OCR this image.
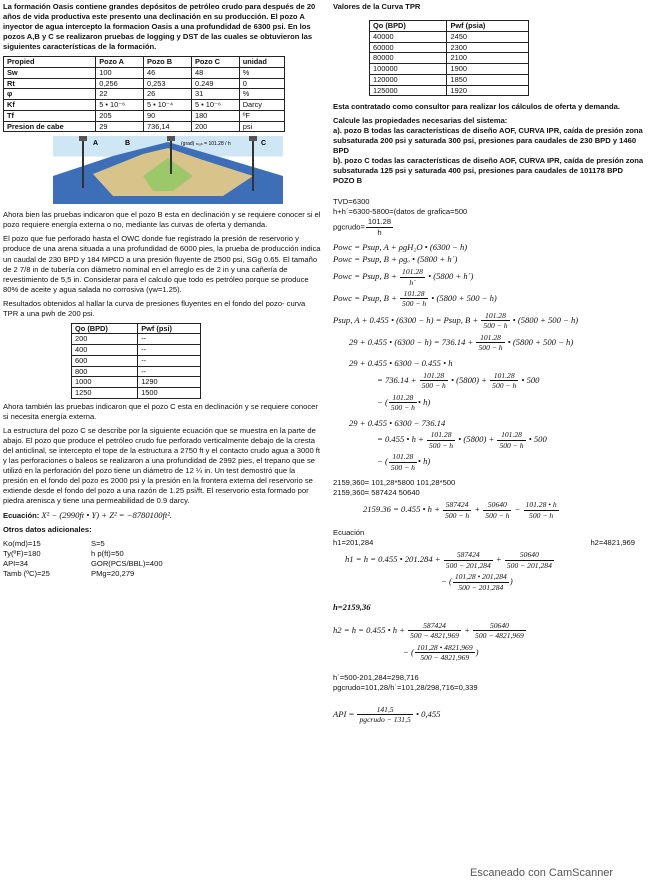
La formación Oasis contiene grandes depósitos de petróleo crudo para después de 20 años de vida productiva este presento una declinación en su producción. El pozo A inyector de agua intercepto la formacion Oasis a una profundidad de 6300 psi. En los pozos A,B y C se realizaron pruebas de logging y DST de las cuales se obtuvieron las siguientes características de la formación.

Propied	Pozo A	Pozo B	Pozo C	unidad
Sw	100	46	48	%
Rt	0,256	0,253	0.249	0
φ	22	26	31	%
Kf	5 • 10⁻⁶	5 • 10⁻⁴	5 • 10⁻⁶	Darcy
Tf	205	90	180	ºF
Presion de cabe	29	736,14	200	psi
A	B	C
(grad) ₘᵤₙ = 101.28 / h

Ahora bien las pruebas indicaron que el pozo B esta en declinación y se requiere conocer si el pozo requiere energía externa o no, mediante las curvas de oferta y demanda.

El pozo que fue perforado hasta el OWC donde fue registrado la presión de reservorio y produce de una arena situada a una profundidad de 6000 pies, la prueba de producción indica un caudal de 230 BPD y 184 MPCD a una presión fluyente de 2500 psi, SGg 0.65. El tamaño de 2 7/8 in de tubería con diámetro nominal en el arreglo es de 2 in y una cañería de revestimiento de 5,5 in. Considerar para el calculo que todo es petróleo porque se produce 80% de aceite y agua salada no corrosiva (γw=1.25).

Resultados obtenidos al hallar la curva de presiones fluyentes en el fondo del pozo- curva TPR a una pwh de 200 psi.

Qo (BPD)	Pwf (psi)
200	--
400	--
600	--
800	--
1000	1290
1250	1500

Ahora también las pruebas indicaron que el pozo C esta en declinación y se requiere conocer si necesita energía externa.

La estructura del pozo C se describe por la siguiente ecuación que se muestra en la parte de abajo. El pozo que produce el petróleo crudo fue perforado verticalmente debajo de la cresta del anticlinal, se intercepto el tope de la estructura a 2750 ft y el contacto crudo agua a 3000 ft y las perforaciones o baleos se realizaron a una profundidad de 2992 pies, el trepano que se utilizó en la perforación del pozo tiene un diámetro de 12 ¼ in. Un test demostró que la presión en el fondo del pozo es 2000 psi y la presión en la frontera externa del reservorio se extiende desde el fondo del pozo a una razón de 1.25 psi/ft. El reservorio esta formado por piedra arenisca y tiene una permeabilidad de 0.9 darcy.

Ecuación: X² − (2990ft • Y) + Z² = −8780100ft².

Otros datos adicionales:

Ko(md)=15	S=5
Ty(ºF)=180	h p(ft)=50
API=34	GOR(PCS/BBL)=400
Tamb (ºC)=25	PMg=20,279

Valores de la Curva TPR

Qo (BPD)	Pwf (psia)
40000	2450
60000	2300
80000	2100
100000	1900
120000	1850
125000	1920

Esta contratado como consultor para realizar los cálculos de oferta y demanda.

Calcule las propiedades necesarias del sistema:
a). pozo B todas las características de diseño AOF, CURVA IPR, caída de presión zona subsaturada 200 psi y saturada 300 psi, presiones para caudales de 230 BPD y 1460 BPD
b). pozo C todas las características de diseño AOF, CURVA IPR, caída de presión zona subsaturada 125 psi y saturada 400 psi, presiones para caudales de 101178 BPD
POZO B
TVD=6300
h+h´=6300-5800=(datos de grafica=500
pgcrudo= $\frac{101.28}{h}$
Powc = Psup, A + ρgH₂O • (6300 − h)
Powc = Psup, B + ρgₒ • (5800 + h´)
Powc = Psup, $B + \frac{101.28}{h´}$ • (5800 + h´)
Powc = Psup, $B + \frac{101.28}{500 - h}$ • (5800 + 500 − h)
Psup, A + 0.455 • (6300 − h) = Psup, $B + \frac{101.28}{500 - h}$ • (5800 + 500 − h)
29 + 0.455 • $(6300 - h) = 736.14 + \frac{101.28}{500 - h}$ • (5800 + 500 − h)
29 + 0.455 • 6300 − 0.455 • h
= $736.14 + \frac{101.28}{500 - h}$ • $(5800) + \frac{101.28}{500 - h}$ • 500
− ( $\frac{101.28}{500 - h}$ • h)
29 + 0.455 • 6300 − 736.14
= 0.455 • $h + \frac{101.28}{500 - h}$ • $(5800) + \frac{101.28}{500 - h}$ • 500
− ( $\frac{101.28}{500 - h}$ • h)
2159,360= 101,28*5800 101,28*500
2159,360= 587424 50640
2159.36 = 0.455 • $h + \frac{587424}{500 - h} + \frac{50640}{500 - h} - \frac{101.28 • h}{500 - h}$
Ecuación
h1=201,284	h2=4821,969
h1 = h = 0.455 • $201.284 + \frac{587424}{500 - 201,284} + \frac{50640}{500 - 201,284}$
− ( $\frac{101,28 • 201,284}{500 - 201,284}$ )
h=2159,36
h2 = h = 0.455 • $h + \frac{587424}{500 - 4821,969} + \frac{50640}{500 - 4821,969}$
− ( $\frac{101,28 • 4821,969}{500 - 4821,969}$ )
h´=500-201,284=298,716
pgcrudo=101,28/h´=101,28/298,716=0,339
API = $\frac{141,5}{\text{pgcrudo − 131,5}}$ • 0,455
Escaneado con CamScanner
